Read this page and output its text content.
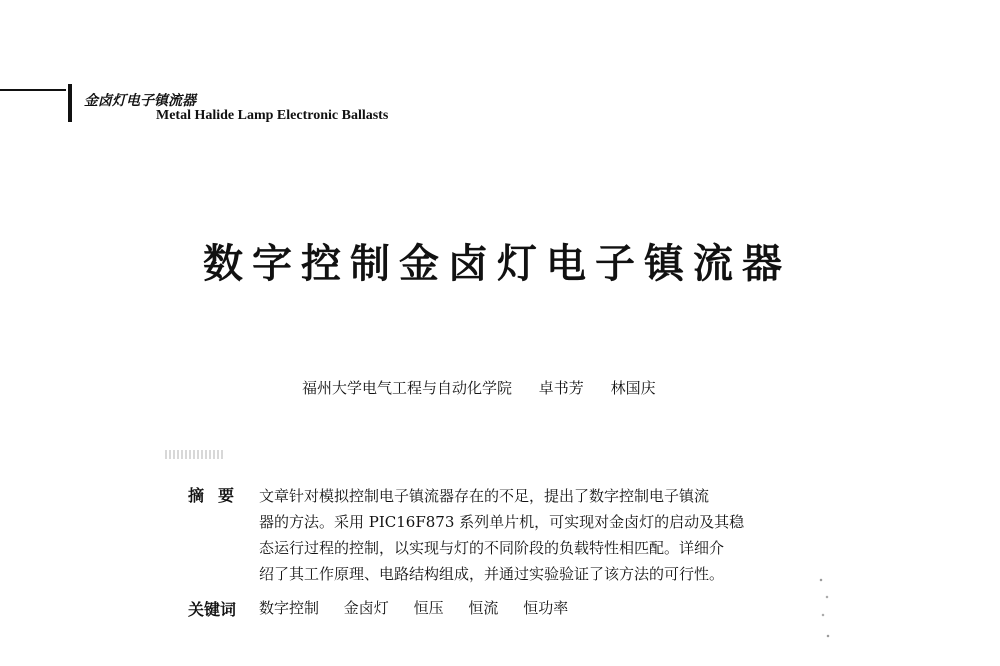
金卤灯电子镇流器
Metal Halide Lamp Electronic Ballasts
数字控制金卤灯电子镇流器
福州大学电气工程与自动化学院 卓书芳 林国庆
摘要 文章针对模拟控制电子镇流器存在的不足，提出了数字控制电子镇流
器的方法。采用 PIC16F873 系列单片机，可实现对金卤灯的启动及其稳
态运行过程的控制，以实现与灯的不同阶段的负载特性相匹配。详细介
绍了其工作原理、电路结构组成，并通过实验验证了该方法的可行性。
关键词 数字控制 金卤灯 恒压 恒流 恒功率
